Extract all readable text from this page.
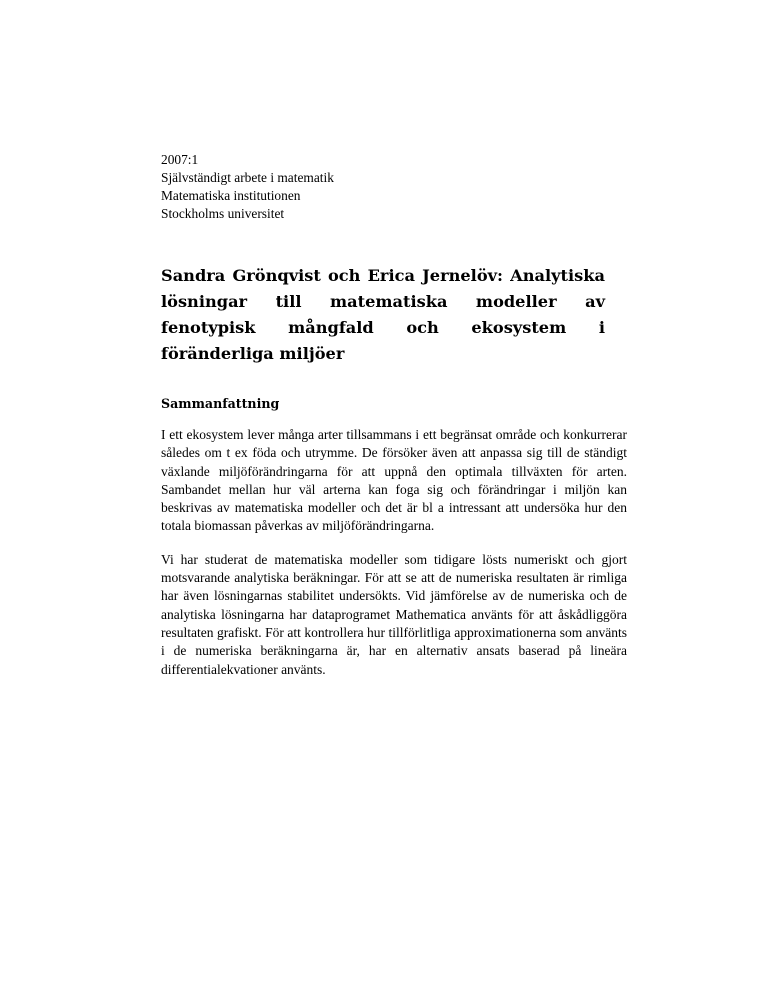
2007:1
Självständigt arbete i matematik
Matematiska institutionen
Stockholms universitet
Sandra Grönqvist och Erica Jernelöv: Analytiska lösningar till matematiska modeller av fenotypisk mångfald och ekosystem i föränderliga miljöer
Sammanfattning

I ett ekosystem lever många arter tillsammans i ett begränsat område och konkurrerar således om t ex föda och utrymme. De försöker även att anpassa sig till de ständigt växlande miljöförändringarna för att uppnå den optimala tillväxten för arten. Sambandet mellan hur väl arterna kan foga sig och förändringar i miljön kan beskrivas av matematiska modeller och det är bl a intressant att undersöka hur den totala biomassan påverkas av miljöförändringarna.

Vi har studerat de matematiska modeller som tidigare lösts numeriskt och gjort motsvarande analytiska beräkningar. För att se att de numeriska resultaten är rimliga har även lösningarnas stabilitet undersökts. Vid jämförelse av de numeriska och de analytiska lösningarna har dataprogramet Mathematica använts för att åskådliggöra resultaten grafiskt. För att kontrollera hur tillförlitliga approximationerna som använts i de numeriska beräkningarna är, har en alternativ ansats baserad på lineära differentialekvationer använts.
